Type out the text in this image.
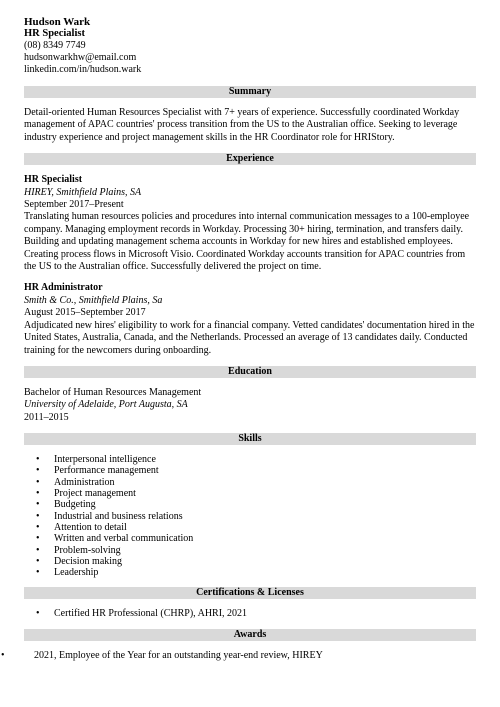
Hudson Wark
HR Specialist
(08) 8349 7749
hudsonwarkhw@email.com
linkedin.com/in/hudson.wark
Summary

Detail-oriented Human Resources Specialist with 7+ years of experience. Successfully coordinated Workday management of APAC countries' process transition from the US to the Australian office. Seeking to leverage industry experience and project management skills in the HR Coordinator role for HRIStory.

Experience
HR Specialist
HIREY, Smithfield Plains, SA
September 2017–Present

Translating human resources policies and procedures into internal communication messages to a 100-employee company. Managing employment records in Workday. Processing 30+ hiring, termination, and transfers daily. Building and updating management schema accounts in Workday for new hires and established employees. Creating process flows in Microsoft Visio. Coordinated Workday accounts transition for APAC countries from the US to the Australian office. Successfully delivered the project on time.

HR Administrator
Smith & Co., Smithfield Plains, Sa
August 2015–September 2017

Adjudicated new hires' eligibility to work for a financial company. Vetted candidates' documentation hired in the United States, Australia, Canada, and the Netherlands. Processed an average of 13 candidates daily. Conducted training for the newcomers during onboarding.

Education
Bachelor of Human Resources Management
University of Adelaide, Port Augusta, SA
2011–2015
Skills
• Interpersonal intelligence
• Performance management
• Administration
• Project management
• Budgeting
• Industrial and business relations
• Attention to detail
• Written and verbal communication
• Problem-solving
• Decision making
• Leadership
Certifications & Licenses
• Certified HR Professional (CHRP), AHRI, 2021
Awards
• 2021, Employee of the Year for an outstanding year-end review, HIREY
